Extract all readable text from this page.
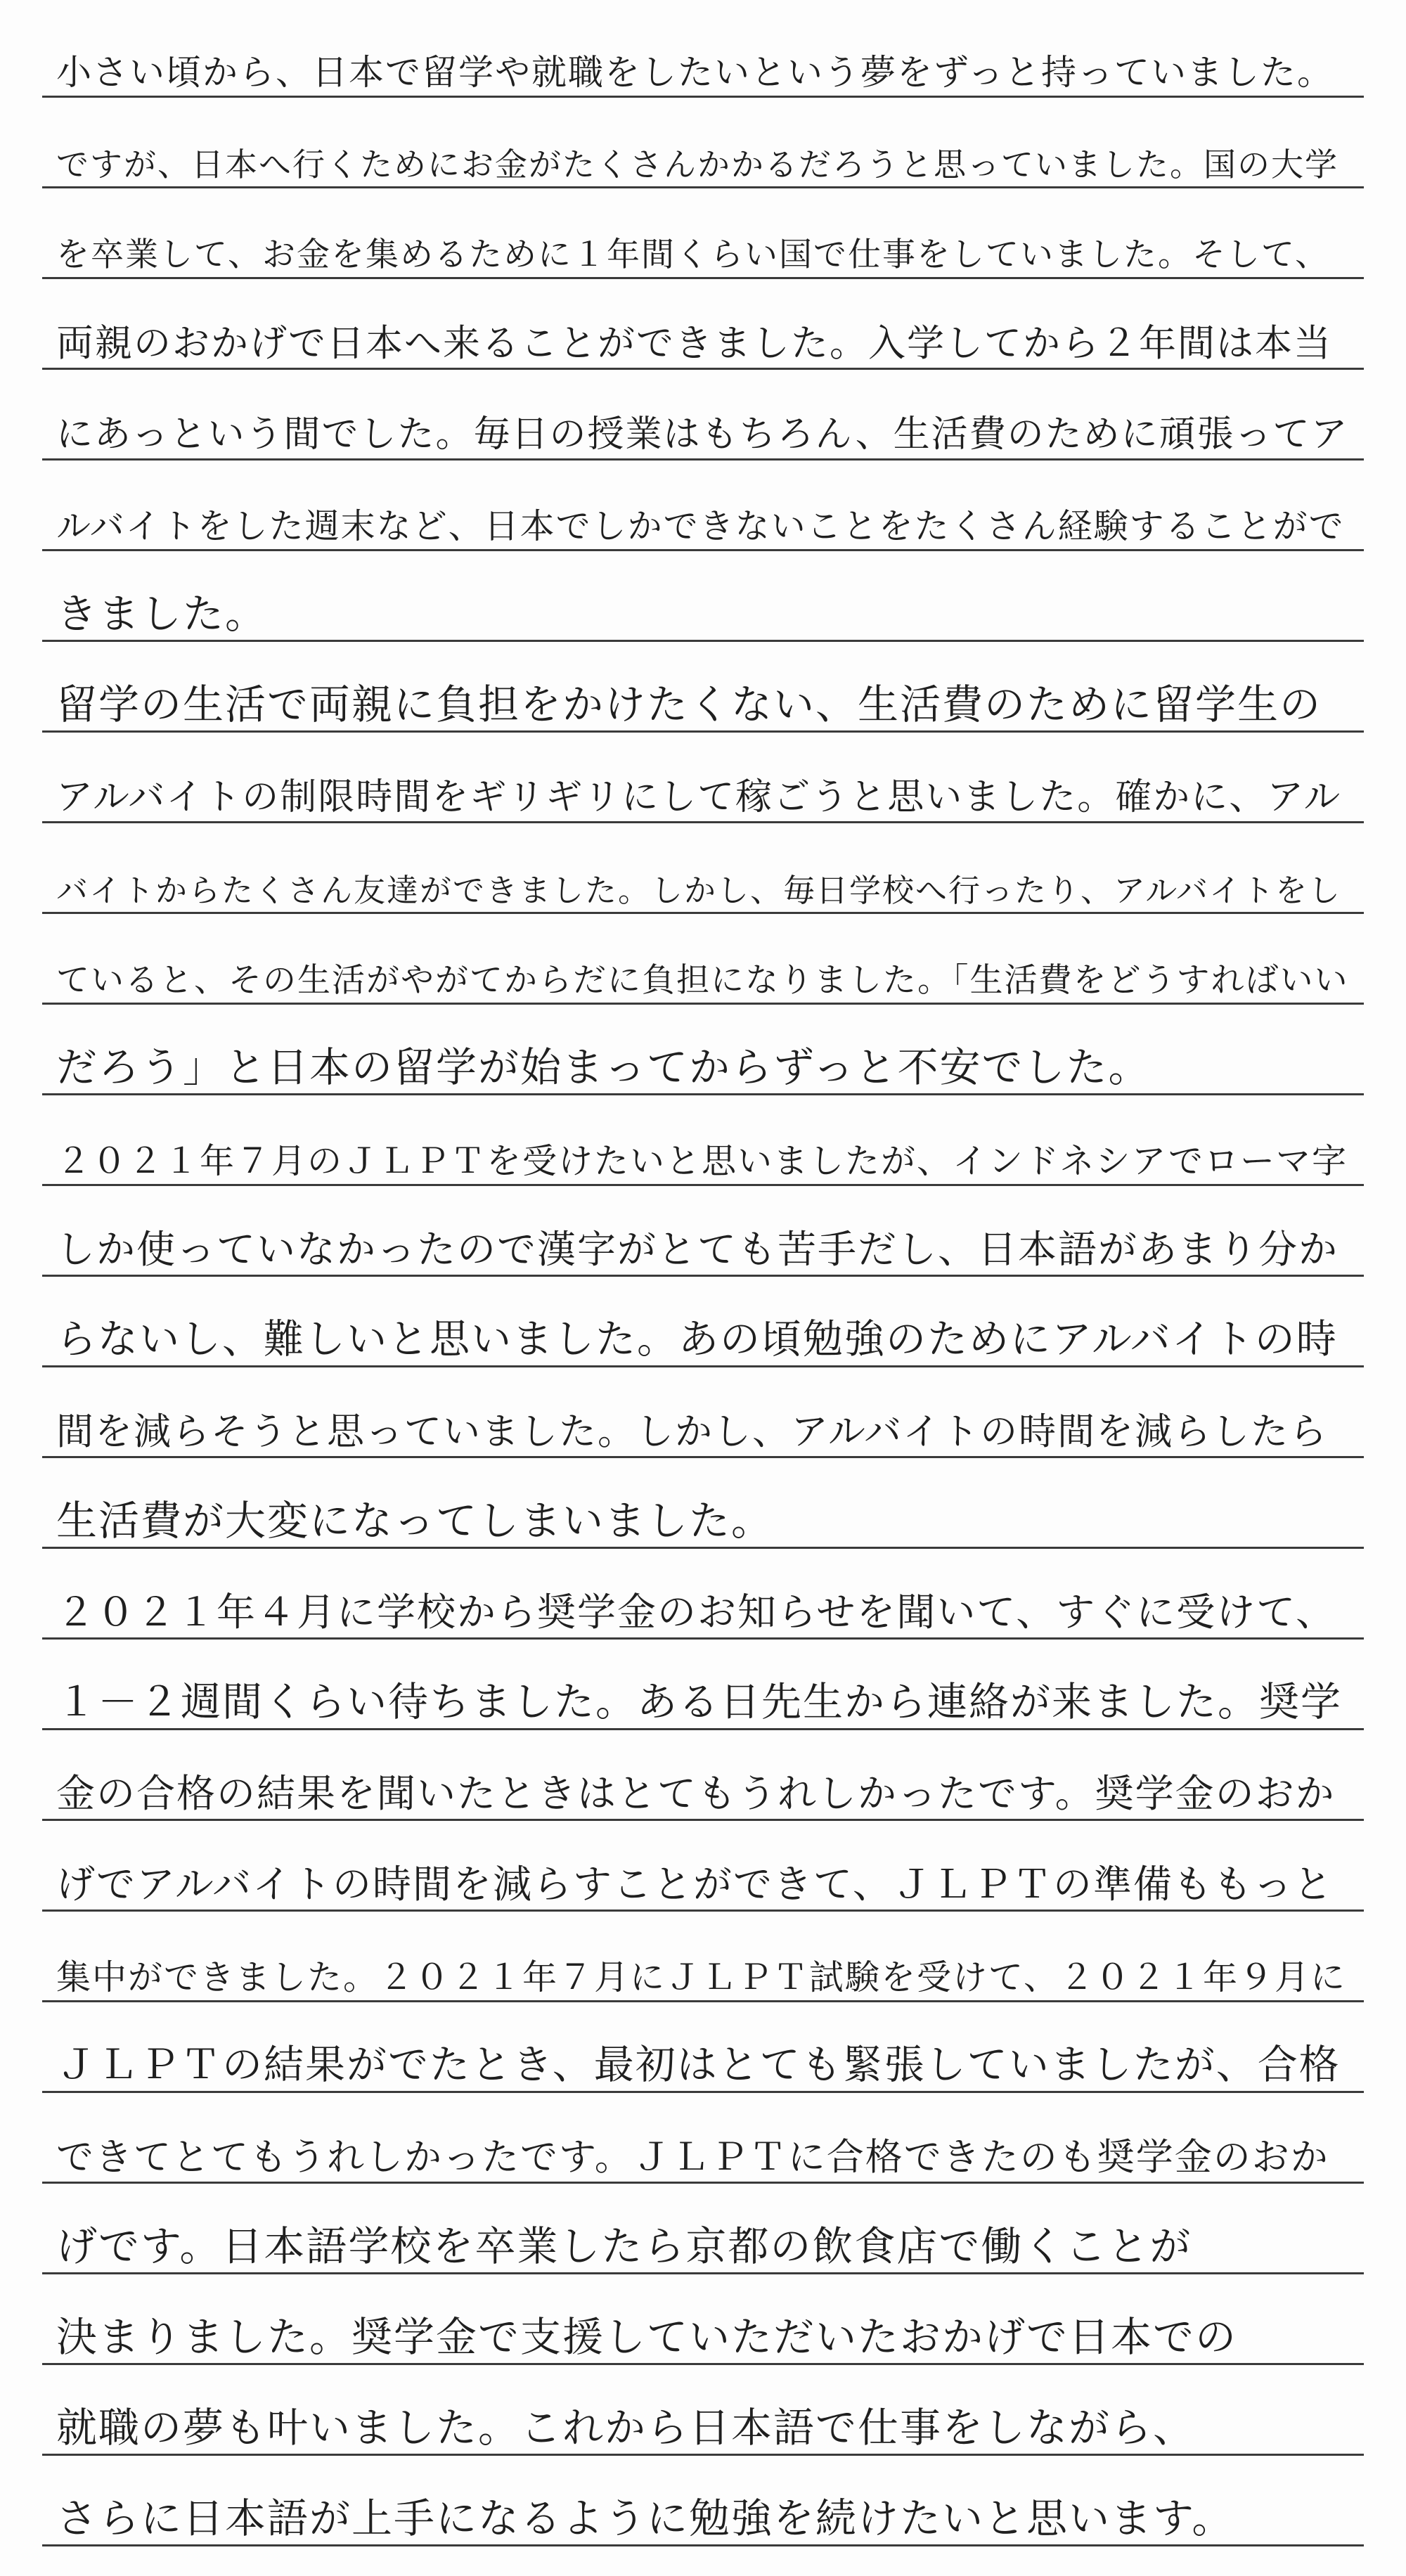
小さい頃から、日本で留学や就職をしたいという夢をずっと持っていました。
ですが、日本へ行くためにお金がたくさんかかるだろうと思っていました。国の大学
を卒業して、お金を集めるために１年間くらい国で仕事をしていました。そして、
両親のおかげで日本へ来ることができました。入学してから２年間は本当
にあっという間でした。毎日の授業はもちろん、生活費のために頑張ってア
ルバイトをした週末など、日本でしかできないことをたくさん経験することがで
きました。
留学の生活で両親に負担をかけたくない、生活費のために留学生の
アルバイトの制限時間をギリギリにして稼ごうと思いました。確かに、アル
バイトからたくさん友達ができました。しかし、毎日学校へ行ったり、アルバイトをし
ていると、その生活がやがてからだに負担になりました。「生活費をどうすればいい
だろう」と日本の留学が始まってからずっと不安でした。
２０２１年７月のＪＬＰＴを受けたいと思いましたが、インドネシアでローマ字
しか使っていなかったので漢字がとても苦手だし、日本語があまり分か
らないし、難しいと思いました。あの頃勉強のためにアルバイトの時
間を減らそうと思っていました。しかし、アルバイトの時間を減らしたら
生活費が大変になってしまいました。
２０２１年４月に学校から奨学金のお知らせを聞いて、すぐに受けて、
１－２週間くらい待ちました。ある日先生から連絡が来ました。奨学
金の合格の結果を聞いたときはとてもうれしかったです。奨学金のおか
げでアルバイトの時間を減らすことができて、ＪＬＰＴの準備ももっと
集中ができました。２０２１年７月にＪＬＰＴ試験を受けて、２０２１年９月に
ＪＬＰＴの結果がでたとき、最初はとても緊張していましたが、合格
できてとてもうれしかったです。ＪＬＰＴに合格できたのも奨学金のおか
げです。日本語学校を卒業したら京都の飲食店で働くことが
決まりました。奨学金で支援していただいたおかげで日本での
就職の夢も叶いました。これから日本語で仕事をしながら、
さらに日本語が上手になるように勉強を続けたいと思います。
